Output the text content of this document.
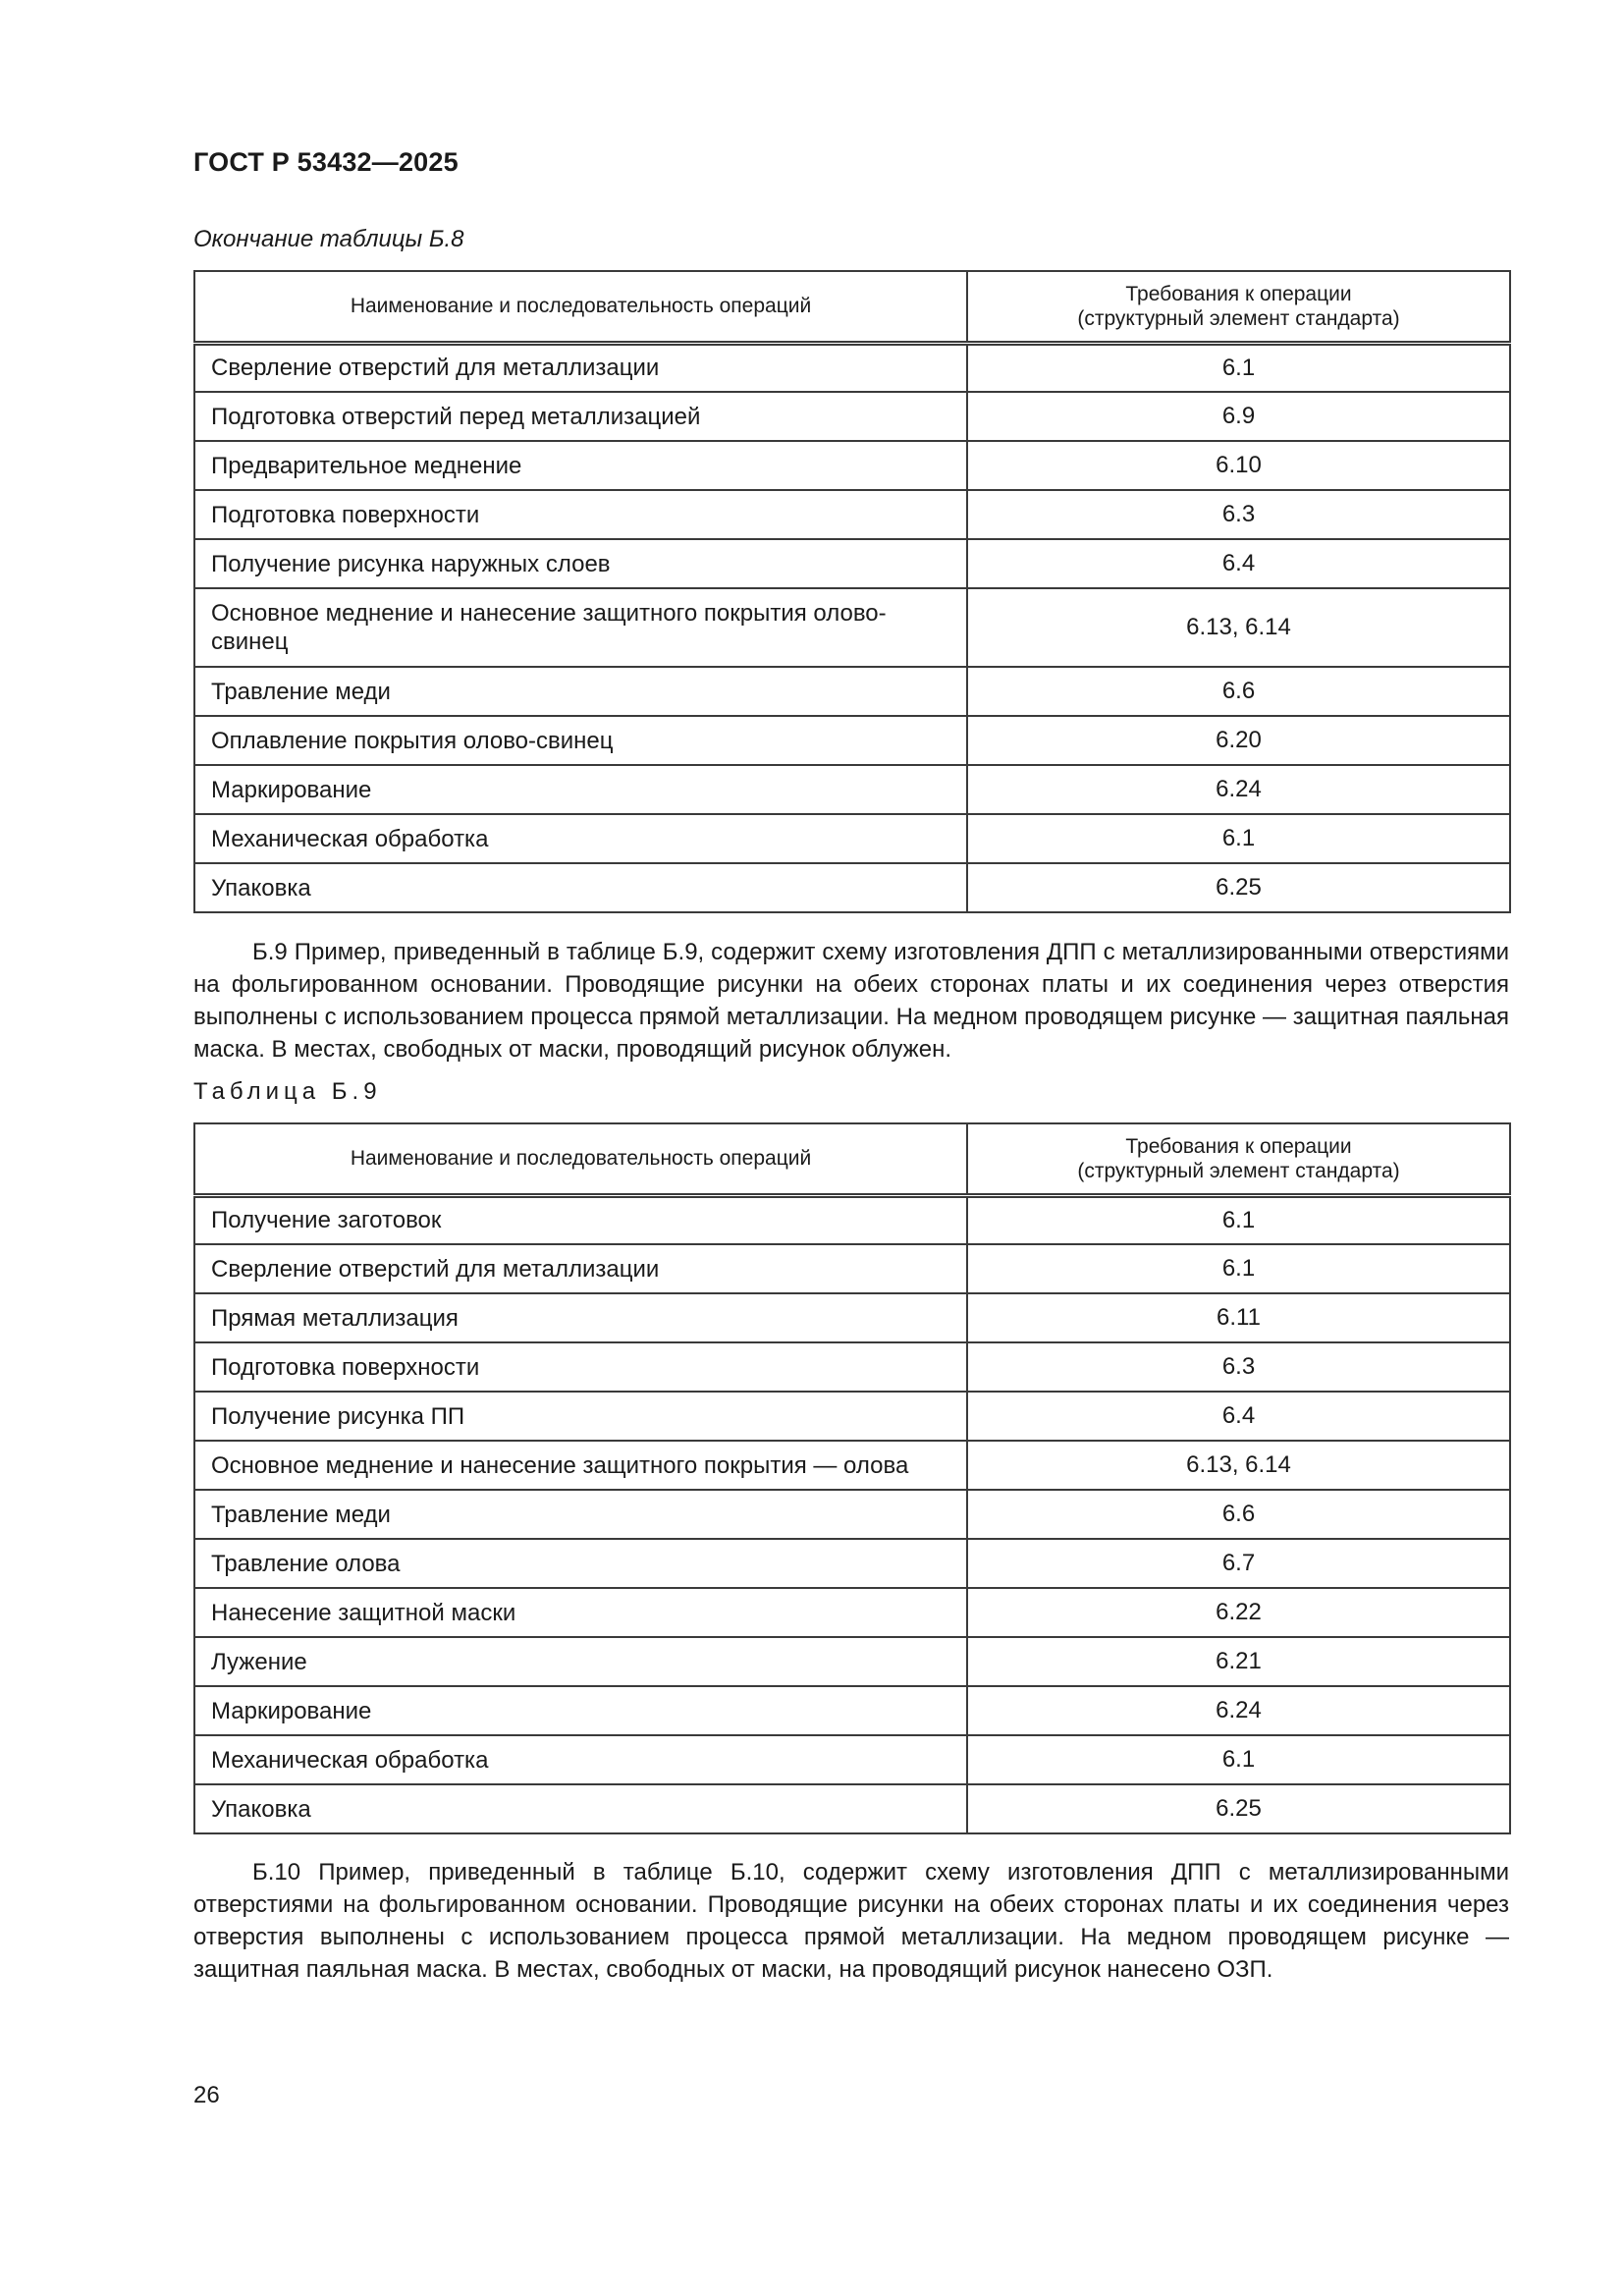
ГОСТ Р 53432—2025
Окончание таблицы Б.8
Наименование и последовательность операций	Требования к операции
(структурный элемент стандарта)

Сверление отверстий для металлизации	6.1
Подготовка отверстий перед металлизацией	6.9
Предварительное меднение	6.10
Подготовка поверхности	6.3
Получение рисунка наружных слоев	6.4
Основное меднение и нанесение защитного покрытия олово-свинец	6.13, 6.14
Травление меди	6.6
Оплавление покрытия олово-свинец	6.20
Маркирование	6.24
Механическая обработка	6.1
Упаковка	6.25

Б.9 Пример, приведенный в таблице Б.9, содержит схему изготовления ДПП с металлизированными отверстиями на фольгированном основании. Проводящие рисунки на обеих сторонах платы и их соединения через отверстия выполнены с использованием процесса прямой металлизации. На медном проводящем рисунке — защитная паяльная маска. В местах, свободных от маски, проводящий рисунок облужен.

Таблица Б.9
Наименование и последовательность операций	Требования к операции
(структурный элемент стандарта)

Получение заготовок	6.1
Сверление отверстий для металлизации	6.1
Прямая металлизация	6.11
Подготовка поверхности	6.3
Получение рисунка ПП	6.4
Основное меднение и нанесение защитного покрытия — олова	6.13, 6.14
Травление меди	6.6
Травление олова	6.7
Нанесение защитной маски	6.22
Лужение	6.21
Маркирование	6.24
Механическая обработка	6.1
Упаковка	6.25

Б.10 Пример, приведенный в таблице Б.10, содержит схему изготовления ДПП с металлизированными отверстиями на фольгированном основании. Проводящие рисунки на обеих сторонах платы и их соединения через отверстия выполнены с использованием процесса прямой металлизации. На медном проводящем рисунке — защитная паяльная маска. В местах, свободных от маски, на проводящий рисунок нанесено ОЗП.

26
